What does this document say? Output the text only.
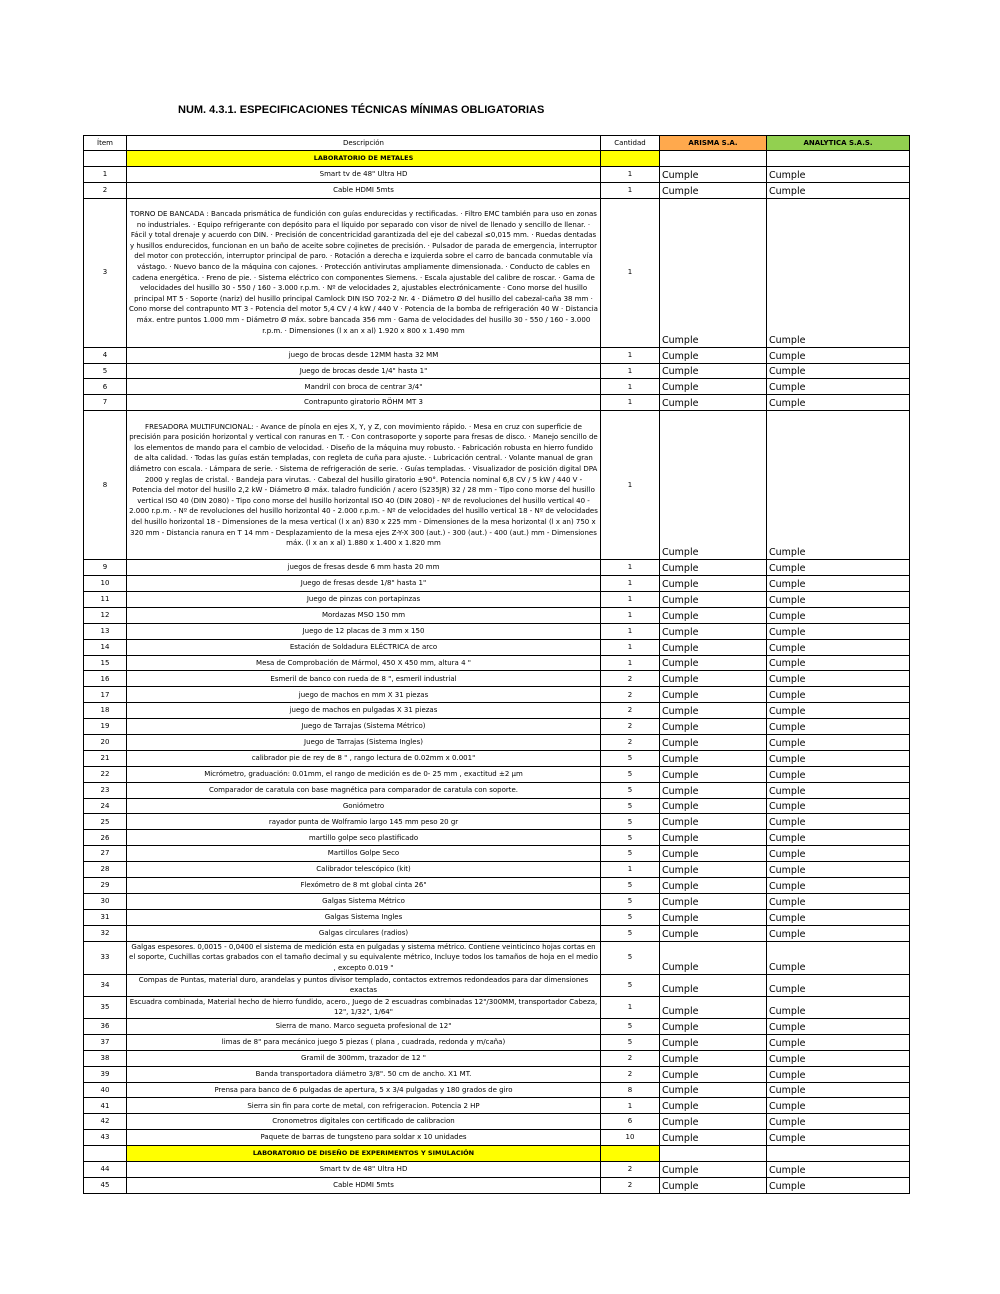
NUM. 4.3.1. ESPECIFICACIONES TÉCNICAS MÍNIMAS OBLIGATORIAS
Ítem	Descripción	Cantidad	ARISMA S.A.	ANALYTICA S.A.S.
	LABORATORIO DE METALES			
1	Smart tv de 48" Ultra HD	1	Cumple	Cumple
2	Cable HDMI 5mts	1	Cumple	Cumple
3	TORNO DE BANCADA : Bancada prismática de fundición con guías endurecidas y rectificadas. · Filtro EMC también para uso en zonas no industriales. · Equipo refrigerante con depósito para el líquido por separado con visor de nivel de llenado y sencillo de llenar. · Fácil y total drenaje y acuerdo con DIN. · Precisión de concentricidad garantizada del eje del cabezal ≤0,015 mm. · Ruedas dentadas y husillos endurecidos, funcionan en un baño de aceite sobre cojinetes de precisión. · Pulsador de parada de emergencia, interruptor del motor con protección, interruptor principal de paro. · Rotación a derecha e izquierda sobre el carro de bancada conmutable vía vástago. · Nuevo banco de la máquina con cajones. · Protección antivirutas ampliamente dimensionada. · Conducto de cables en cadena energética. · Freno de pie. · Sistema eléctrico con componentes Siemens. · Escala ajustable del calibre de roscar. · Gama de velocidades del husillo 30 - 550 / 160 - 3.000 r.p.m. · Nº de velocidades 2, ajustables electrónicamente · Cono morse del husillo principal MT 5 · Soporte (nariz) del husillo principal Camlock DIN ISO 702-2 Nr. 4 · Diámetro Ø del husillo del cabezal-caña 38 mm · Cono morse del contrapunto MT 3 - Potencia del motor 5,4 CV / 4 kW / 440 V · Potencia de la bomba de refrigeración 40 W · Distancia máx. entre puntos 1.000 mm - Diámetro Ø máx. sobre bancada 356 mm · Gama de velocidades del husillo 30 - 550 / 160 - 3.000 r.p.m. · Dimensiones (l x an x al) 1.920 x 800 x 1.490 mm	1	Cumple	Cumple
4	juego de brocas desde 12MM hasta 32 MM	1	Cumple	Cumple
5	Juego de brocas desde 1/4" hasta 1"	1	Cumple	Cumple
6	Mandril con broca de centrar 3/4"	1	Cumple	Cumple
7	Contrapunto giratorio RÖHM MT 3	1	Cumple	Cumple
8	FRESADORA MULTIFUNCIONAL: · Avance de pínola en ejes X, Y, y Z, con movimiento rápido. · Mesa en cruz con superficie de precisión para posición horizontal y vertical con ranuras en T. · Con contrasoporte y soporte para fresas de disco. · Manejo sencillo de los elementos de mando para el cambio de velocidad. · Diseño de la máquina muy robusto. · Fabricación robusta en hierro fundido de alta calidad. · Todas las guías están templadas, con regleta de cuña para ajuste. · Lubricación central. · Volante manual de gran diámetro con escala. · Lámpara de serie. · Sistema de refrigeración de serie. · Guías templadas. · Visualizador de posición digital DPA 2000 y reglas de cristal. · Bandeja para virutas. · Cabezal del husillo giratorio ±90°. Potencia nominal 6,8 CV / 5 kW / 440 V - Potencia del motor del husillo 2,2 kW - Diámetro Ø máx. taladro fundición / acero (S235JR) 32 / 28 mm - Tipo cono morse del husillo vertical ISO 40 (DIN 2080) - Tipo cono morse del husillo horizontal ISO 40 (DIN 2080) - Nº de revoluciones del husillo vertical 40 - 2.000 r.p.m. - Nº de revoluciones del husillo horizontal 40 - 2.000 r.p.m. - Nº de velocidades del husillo vertical 18 - Nº de velocidades del husillo horizontal 18 - Dimensiones de la mesa vertical (l x an) 830 x 225 mm - Dimensiones de la mesa horizontal (l x an) 750 x 320 mm - Distancia ranura en T 14 mm - Desplazamiento de la mesa ejes Z-Y-X 300 (aut.) - 300 (aut.) - 400 (aut.) mm - Dimensiones máx. (l x an x al) 1.880 x 1.400 x 1.820 mm	1	Cumple	Cumple
9	juegos de fresas desde 6 mm hasta 20 mm	1	Cumple	Cumple
10	Juego de fresas desde 1/8" hasta 1"	1	Cumple	Cumple
11	Juego de pinzas con portapinzas	1	Cumple	Cumple
12	Mordazas MSO 150 mm	1	Cumple	Cumple
13	Juego de 12 placas de 3 mm x 150	1	Cumple	Cumple
14	Estación de Soldadura ELÉCTRICA de arco	1	Cumple	Cumple
15	Mesa de Comprobación de Mármol, 450 X 450 mm, altura 4 "	1	Cumple	Cumple
16	Esmeril de banco con rueda de 8 ", esmeril industrial	2	Cumple	Cumple
17	juego de machos en mm X 31 piezas	2	Cumple	Cumple
18	juego de machos en pulgadas X 31 piezas	2	Cumple	Cumple
19	Juego de Tarrajas (Sistema Métrico)	2	Cumple	Cumple
20	Juego de Tarrajas (Sistema Ingles)	2	Cumple	Cumple
21	calibrador pie de rey de 8 " , rango lectura de 0.02mm x 0.001"	5	Cumple	Cumple
22	Micrómetro, graduación: 0.01mm, el rango de medición es de 0- 25 mm , exactitud ±2 µm	5	Cumple	Cumple
23	Comparador de caratula con base magnética para comparador de caratula con soporte.	5	Cumple	Cumple
24	Goniómetro	5	Cumple	Cumple
25	rayador punta de Wolframio largo 145 mm peso 20 gr	5	Cumple	Cumple
26	martillo golpe seco plastificado	5	Cumple	Cumple
27	Martillos Golpe Seco	5	Cumple	Cumple
28	Calibrador telescópico (kit)	1	Cumple	Cumple
29	Flexómetro de 8 mt global cinta 26"	5	Cumple	Cumple
30	Galgas Sistema Métrico	5	Cumple	Cumple
31	Galgas Sistema Ingles	5	Cumple	Cumple
32	Galgas circulares (radios)	5	Cumple	Cumple
33	Galgas espesores. 0,0015 - 0,0400 el sistema de medición esta en pulgadas y sistema métrico. Contiene veinticinco hojas cortas en el soporte, Cuchillas cortas grabados con el tamaño decimal y su equivalente métrico, Incluye todos los tamaños de hoja en el medio , excepto 0.019 "	5	Cumple	Cumple
34	Compas de Puntas, material duro, arandelas y puntos divisor templado, contactos extremos redondeados para dar dimensiones exactas	5	Cumple	Cumple
35	Escuadra combinada, Material hecho de hierro fundido, acero., Juego de 2 escuadras combinadas 12"/300MM, transportador Cabeza, 12", 1/32", 1/64"	1	Cumple	Cumple
36	Sierra de mano. Marco segueta profesional de 12"	5	Cumple	Cumple
37	limas de 8" para mecánico juego 5 piezas ( plana , cuadrada, redonda y m/caña)	5	Cumple	Cumple
38	Gramil de 300mm, trazador de 12 "	2	Cumple	Cumple
39	Banda transportadora diámetro 3/8". 50 cm de ancho. X1 MT.	2	Cumple	Cumple
40	Prensa para banco de 6 pulgadas de apertura, 5 x 3/4 pulgadas y 180 grados de giro	8	Cumple	Cumple
41	Sierra sin fin para corte de metal, con refrigeracion. Potencia 2 HP	1	Cumple	Cumple
42	Cronometros digitales con certificado de calibracion	6	Cumple	Cumple
43	Paquete de barras de tungsteno para soldar x 10 unidades	10	Cumple	Cumple
	LABORATORIO DE DISEÑO DE EXPERIMENTOS Y SIMULACIÓN			
44	Smart tv de 48" Ultra HD	2	Cumple	Cumple
45	Cable HDMI 5mts	2	Cumple	Cumple
